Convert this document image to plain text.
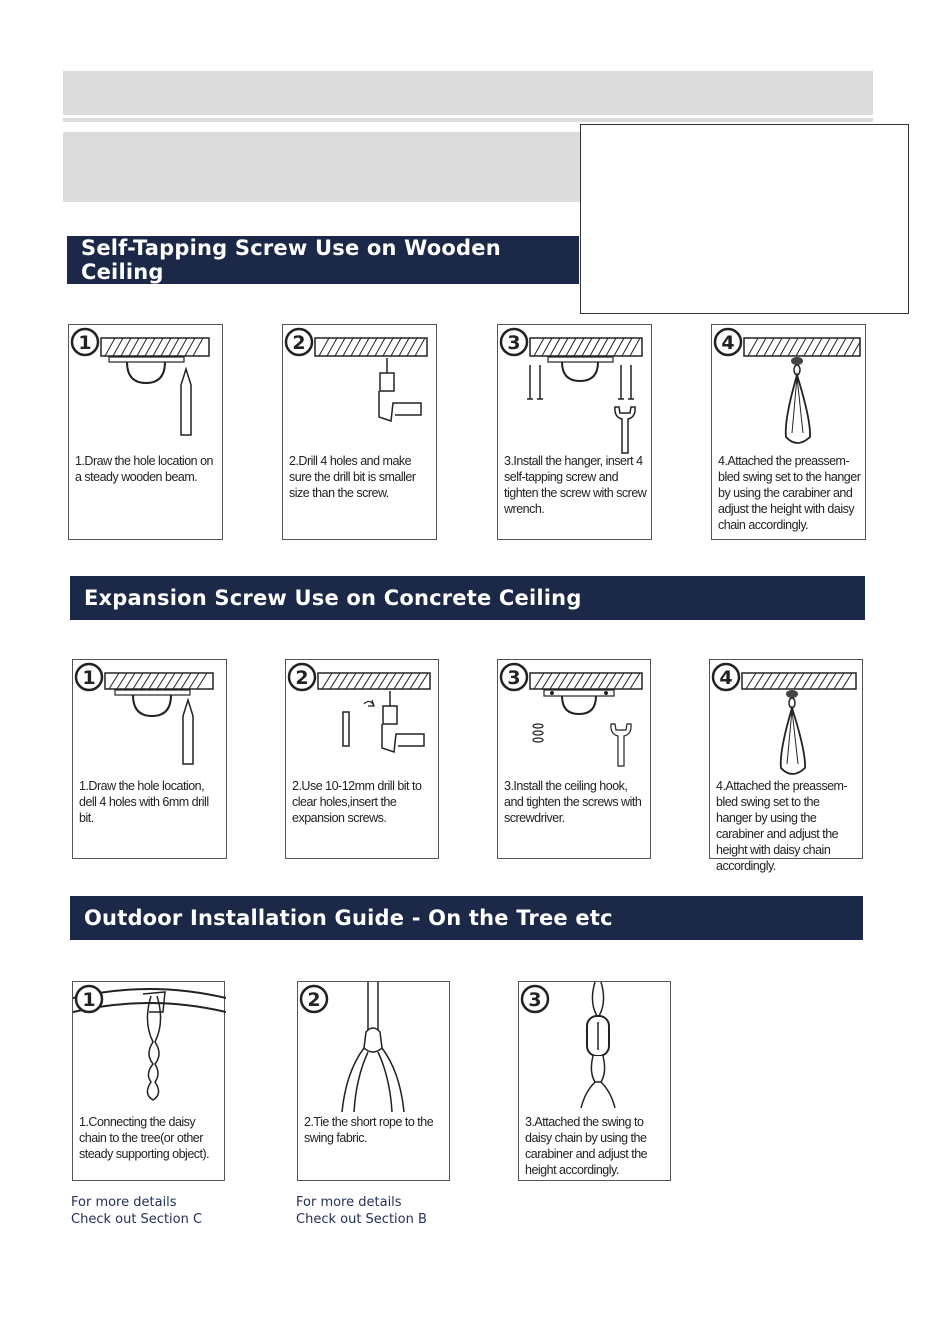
Self-Tapping Screw Use on Wooden Ceiling
Expansion Screw Use on Concrete Ceiling
Outdoor Installation Guide - On the Tree etc
1
1.Draw the hole location on a steady wooden beam.
2
2.Drill 4 holes and make sure the drill bit is smaller size than the screw.
3
3.Install the hanger, insert 4 self-tapping screw and tighten the screw with screw wrench.
4
4.Attached the preassem-bled swing set to the hanger by using the carabiner and adjust the height with daisy chain accordingly.
1
1.Draw the hole location, dell 4 holes with 6mm drill bit.
2
2.Use 10-12mm drill bit to clear holes,insert the expansion screws.
3
3.Install the ceiling hook, and tighten the screws with screwdriver.
4
4.Attached the preassem-bled swing set to the hanger by using the carabiner and adjust the height with daisy chain accordingly.
1
1.Connecting the daisy chain to the tree(or other steady supporting object).
2
2.Tie the short rope to the swing fabric.
3
3.Attached the swing to daisy chain by using the carabiner and adjust the height accordingly.
For more details
Check out Section C
For more details
Check out Section B
